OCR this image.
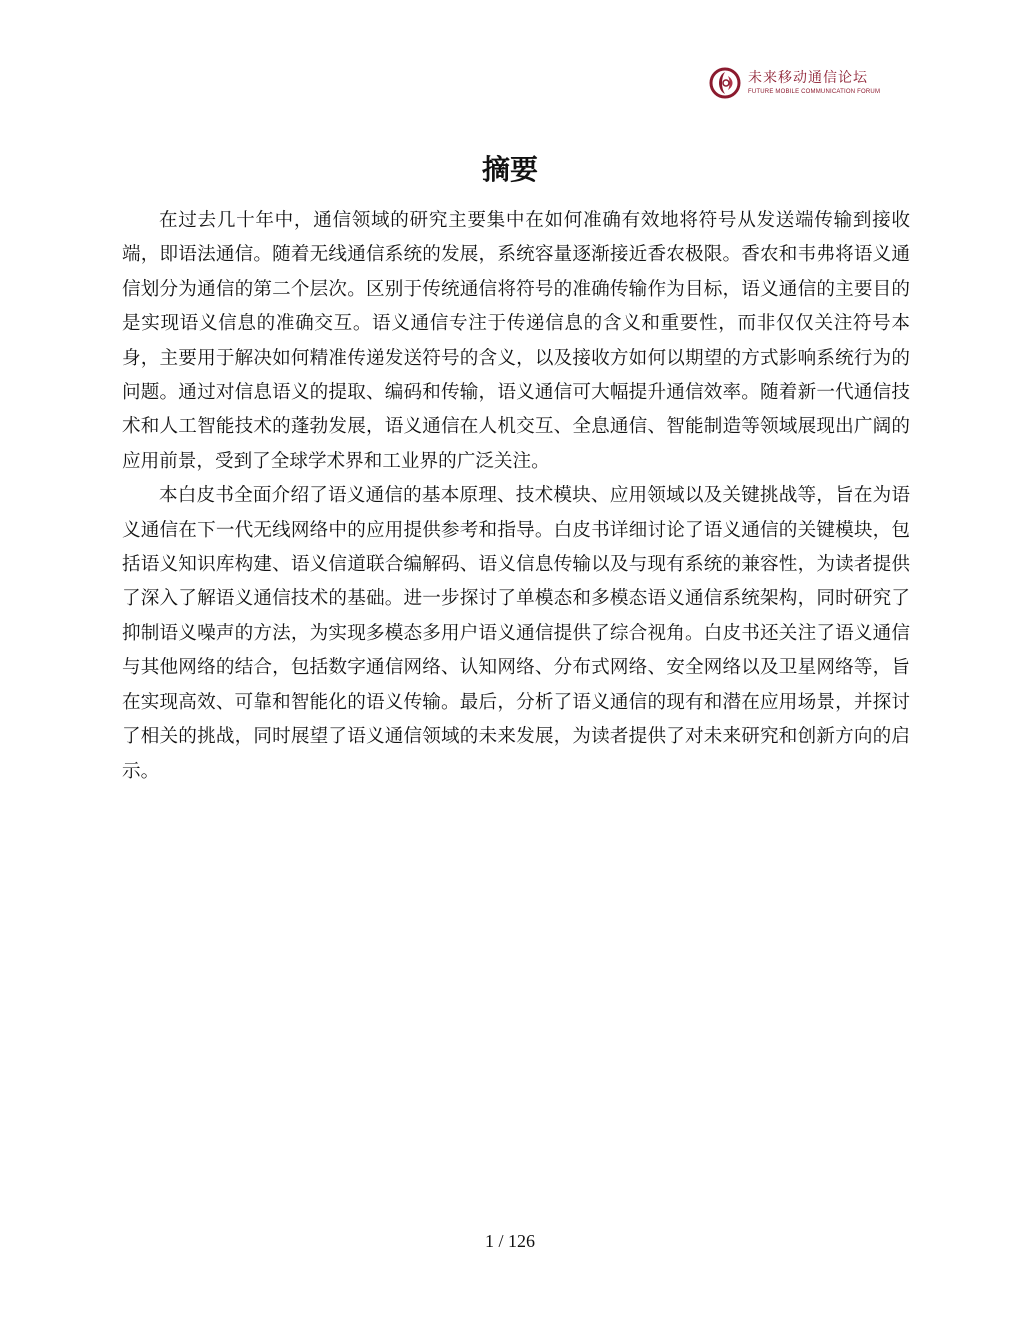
未来移动通信论坛
FUTURE MOBILE COMMUNICATION FORUM
摘要

在过去几十年中，通信领域的研究主要集中在如何准确有效地将符号从发送端传输到接收端，即语法通信。随着无线通信系统的发展，系统容量逐渐接近香农极限。香农和韦弗将语义通信划分为通信的第二个层次。区别于传统通信将符号的准确传输作为目标，语义通信的主要目的是实现语义信息的准确交互。语义通信专注于传递信息的含义和重要性，而非仅仅关注符号本身，主要用于解决如何精准传递发送符号的含义，以及接收方如何以期望的方式影响系统行为的问题。通过对信息语义的提取、编码和传输，语义通信可大幅提升通信效率。随着新一代通信技术和人工智能技术的蓬勃发展，语义通信在人机交互、全息通信、智能制造等领域展现出广阔的应用前景，受到了全球学术界和工业界的广泛关注。

本白皮书全面介绍了语义通信的基本原理、技术模块、应用领域以及关键挑战等，旨在为语义通信在下一代无线网络中的应用提供参考和指导。白皮书详细讨论了语义通信的关键模块，包括语义知识库构建、语义信道联合编解码、语义信息传输以及与现有系统的兼容性，为读者提供了深入了解语义通信技术的基础。进一步探讨了单模态和多模态语义通信系统架构，同时研究了抑制语义噪声的方法，为实现多模态多用户语义通信提供了综合视角。白皮书还关注了语义通信与其他网络的结合，包括数字通信网络、认知网络、分布式网络、安全网络以及卫星网络等，旨在实现高效、可靠和智能化的语义传输。最后，分析了语义通信的现有和潜在应用场景，并探讨了相关的挑战，同时展望了语义通信领域的未来发展，为读者提供了对未来研究和创新方向的启示。

1 / 126
